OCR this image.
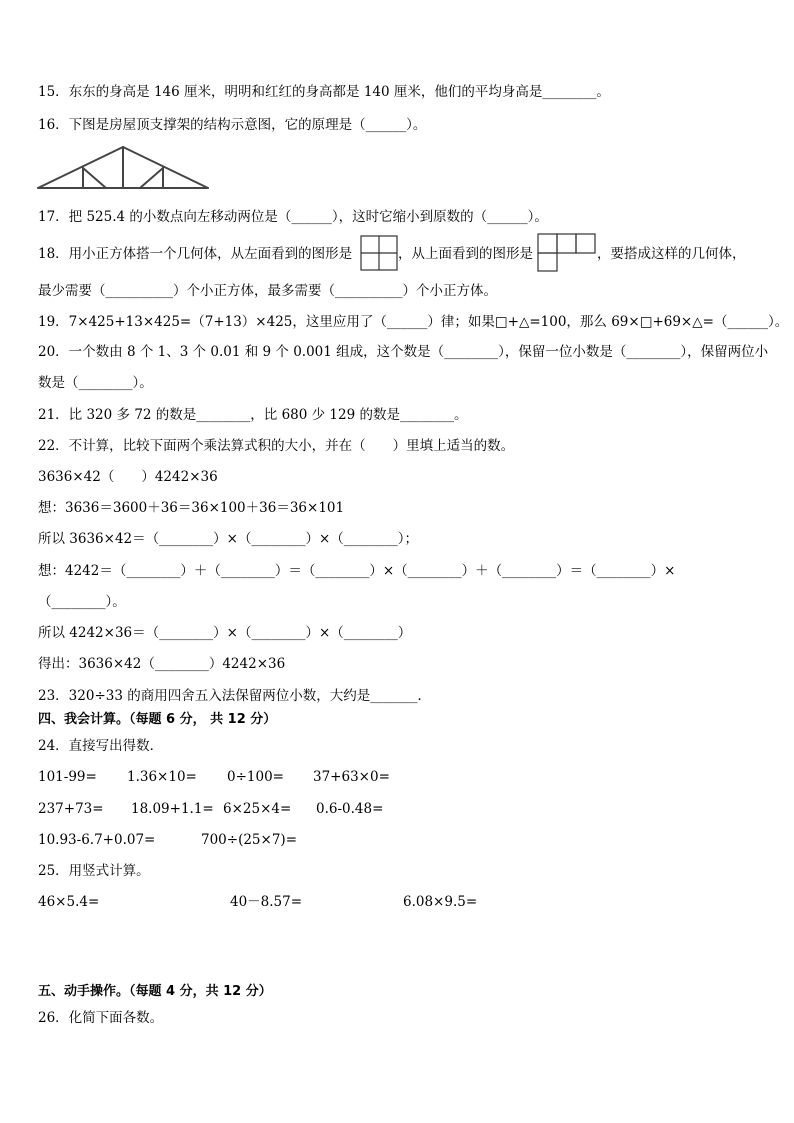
15．东东的身高是 146 厘米，明明和红红的身高都是 140 厘米，他们的平均身高是________。
16．下图是房屋顶支撑架的结构示意图，它的原理是（______）。
17．把 525.4 的小数点向左移动两位是（______），这时它缩小到原数的（______）。
18．用小正方体搭一个几何体，从左面看到的图形是	，从上面看到的图形是	，要搭成这样的几何体，
最少需要（__________）个小正方体，最多需要（__________）个小正方体。
19．7×425+13×425=（7+13）×425，这里应用了（______）律；如果□+△=100，那么 69×□+69×△=（______）。
20．一个数由 8 个 1、3 个 0.01 和 9 个 0.001 组成，这个数是（________），保留一位小数是（________），保留两位小
数是（________）。
21．比 320 多 72 的数是________，比 680 少 129 的数是________。
22．不计算，比较下面两个乘法算式积的大小，并在（　　）里填上适当的数。
3636×42（　　）4242×36
想：3636＝3600＋36＝36×100＋36＝36×101
所以 3636×42＝（________）×（________）×（________）；
想：4242＝（________）＋（________）＝（________）×（________）＋（________）＝（________）×
（________）。
所以 4242×36＝（________）×（________）×（________）
得出：3636×42（________）4242×36
23．320÷33 的商用四舍五入法保留两位小数，大约是_______．
四、我会计算。（每题 6 分， 共 12 分）
24．直接写出得数．
101-99= 1.36×10= 0÷100= 37+63×0=
237+73= 18.09+1.1= 6×25×4= 0.6-0.48=
10.93-6.7+0.07=	700÷(25×7)=
25．用竖式计算。
46×5.4=	40－8.57=	6.08×9.5=
五、动手操作。（每题 4 分，共 12 分）
26．化简下面各数。
